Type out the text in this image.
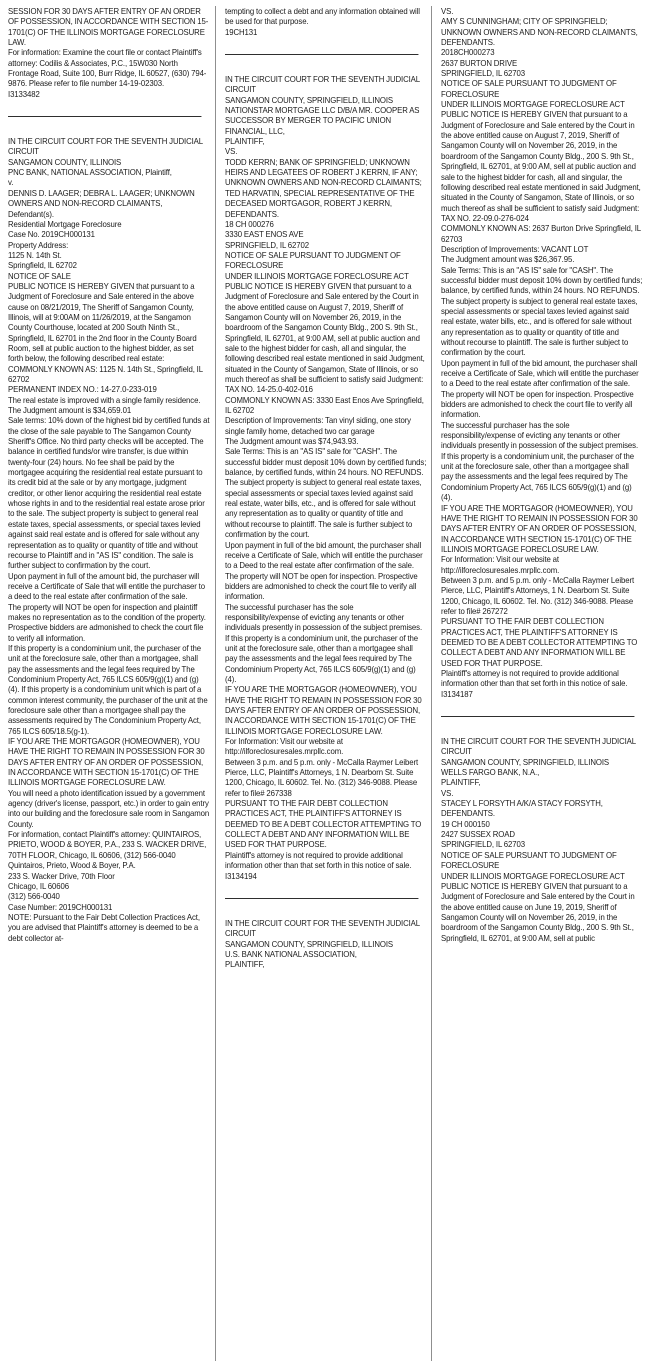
SESSION FOR 30 DAYS AFTER ENTRY OF AN ORDER OF POSSESSION, IN ACCORDANCE WITH SECTION 15-1701(C) OF THE ILLINOIS MORTGAGE FORECLOSURE LAW.
For information: Examine the court file or contact Plaintiff's attorney: Codilis & Associates, P.C., 15W030 North Frontage Road, Suite 100, Burr Ridge, IL 60527, (630) 794-9876. Please refer to file number 14-19-02303.
I3133482
IN THE CIRCUIT COURT FOR THE SEVENTH JUDICIAL CIRCUIT
SANGAMON COUNTY, ILLINOIS
PNC BANK, NATIONAL ASSOCIATION, Plaintiff,
v.
DENNIS D. LAAGER; DEBRA L. LAAGER; UNKNOWN OWNERS AND NON-RECORD CLAIMANTS, Defendant(s).
Residential Mortgage Foreclosure
Case No. 2019CH000131
Property Address:
1125 N. 14th St.
Springfield, IL 62702
NOTICE OF SALE
PUBLIC NOTICE IS HEREBY GIVEN that pursuant to a Judgment of Foreclosure and Sale entered in the above cause on 08/21/2019, The Sheriff of Sangamon County, Illinois, will at 9:00AM on 11/26/2019, at the Sangamon County Courthouse, located at 200 South Ninth St., Springfield, IL 62701 in the 2nd floor in the County Board Room, sell at public auction to the highest bidder, as set forth below, the following described real estate:
COMMONLY KNOWN AS: 1125 N. 14th St., Springfield, IL 62702
PERMANENT INDEX NO.: 14-27.0-233-019
The real estate is improved with a single family residence.
The Judgment amount is $34,659.01
Sale terms: 10% down of the highest bid by certified funds at the close of the sale payable to The Sangamon County Sheriff's Office. No third party checks will be accepted. The balance in certified funds/or wire transfer, is due within twenty-four (24) hours. No fee shall be paid by the mortgagee acquiring the residential real estate pursuant to its credit bid at the sale or by any mortgage, judgment creditor, or other lienor acquiring the residential real estate whose rights in and to the residential real estate arose prior to the sale. The subject property is subject to general real estate taxes, special assessments, or special taxes levied against said real estate and is offered for sale without any representation as to quality or quantity of title and without recourse to Plaintiff and in "AS IS" condition. The sale is further subject to confirmation by the court.
Upon payment in full of the amount bid, the purchaser will receive a Certificate of Sale that will entitle the purchaser to a deed to the real estate after confirmation of the sale.
The property will NOT be open for inspection and plaintiff makes no representation as to the condition of the property. Prospective bidders are admonished to check the court file to verify all information.
If this property is a condominium unit, the purchaser of the unit at the foreclosure sale, other than a mortgagee, shall pay the assessments and the legal fees required by The Condominium Property Act, 765 ILCS 605/9(g)(1) and (g)(4). If this property is a condominium unit which is part of a common interest community, the purchaser of the unit at the foreclosure sale other than a mortgagee shall pay the assessments required by The Condominium Property Act, 765 ILCS 605/18.5(g-1).
IF YOU ARE THE MORTGAGOR (HOMEOWNER), YOU HAVE THE RIGHT TO REMAIN IN POSSESSION FOR 30 DAYS AFTER ENTRY OF AN ORDER OF POSSESSION, IN ACCORDANCE WITH SECTION 15-1701(C) OF THE ILLINOIS MORTGAGE FORECLOSURE LAW.
You will need a photo identification issued by a government agency (driver's license, passport, etc.) in order to gain entry into our building and the foreclosure sale room in Sangamon County.
For information, contact Plaintiff's attorney: QUINTAIROS, PRIETO, WOOD & BOYER, P.A., 233 S. WACKER DRIVE, 70TH FLOOR, Chicago, IL 60606, (312) 566-0040
Quintairos, Prieto, Wood & Boyer, P.A.
233 S. Wacker Drive, 70th Floor
Chicago, IL 60606
(312) 566-0040
Case Number: 2019CH000131
NOTE: Pursuant to the Fair Debt Collection Practices Act, you are advised that Plaintiff's attorney is deemed to be a debt collector at-
tempting to collect a debt and any information obtained will be used for that purpose.
19CH131
IN THE CIRCUIT COURT FOR THE SEVENTH JUDICIAL CIRCUIT
SANGAMON COUNTY, SPRINGFIELD, ILLINOIS
NATIONSTAR MORTGAGE LLC D/B/A MR. COOPER AS SUCCESSOR BY MERGER TO PACIFIC UNION FINANCIAL, LLC,
PLAINTIFF,
VS.
TODD KERRN; BANK OF SPRINGFIELD; UNKNOWN HEIRS AND LEGATEES OF ROBERT J KERRN, IF ANY; UNKNOWN OWNERS AND NON-RECORD CLAIMANTS; TED HARVATIN, SPECIAL REPRESENTATIVE OF THE DECEASED MORTGAGOR, ROBERT J KERRN,
DEFENDANTS.
18 CH 000276
3330 EAST ENOS AVE
SPRINGFIELD, IL 62702
NOTICE OF SALE PURSUANT TO JUDGMENT OF FORECLOSURE
UNDER ILLINOIS MORTGAGE FORECLOSURE ACT
PUBLIC NOTICE IS HEREBY GIVEN that pursuant to a Judgment of Foreclosure and Sale entered by the Court in the above entitled cause on August 7, 2019, Sheriff of Sangamon County will on November 26, 2019, in the boardroom of the Sangamon County Bldg., 200 S. 9th St., Springfield, IL 62701, at 9:00 AM, sell at public auction and sale to the highest bidder for cash, all and singular, the following described real estate mentioned in said Judgment, situated in the County of Sangamon, State of Illinois, or so much thereof as shall be sufficient to satisfy said Judgment:
TAX NO. 14-25.0-402-016
COMMONLY KNOWN AS: 3330 East Enos Ave Springfield, IL 62702
Description of Improvements: Tan vinyl siding, one story single family home, detached two car garage
The Judgment amount was $74,943.93.
Sale Terms: This is an "AS IS" sale for "CASH". The successful bidder must deposit 10% down by certified funds; balance, by certified funds, within 24 hours. NO REFUNDS.
The subject property is subject to general real estate taxes, special assessments or special taxes levied against said real estate, water bills, etc., and is offered for sale without any representation as to quality or quantity of title and without recourse to plaintiff. The sale is further subject to confirmation by the court.
Upon payment in full of the bid amount, the purchaser shall receive a Certificate of Sale, which will entitle the purchaser to a Deed to the real estate after confirmation of the sale.
The property will NOT be open for inspection. Prospective bidders are admonished to check the court file to verify all information.
The successful purchaser has the sole responsibility/expense of evicting any tenants or other individuals presently in possession of the subject premises.
If this property is a condominium unit, the purchaser of the unit at the foreclosure sale, other than a mortgagee shall pay the assessments and the legal fees required by The Condominium Property Act, 765 ILCS 605/9(g)(1) and (g)(4).
IF YOU ARE THE MORTGAGOR (HOMEOWNER), YOU HAVE THE RIGHT TO REMAIN IN POSSESSION FOR 30 DAYS AFTER ENTRY OF AN ORDER OF POSSESSION, IN ACCORDANCE WITH SECTION 15-1701(C) OF THE ILLINOIS MORTGAGE FORECLOSURE LAW.
For Information: Visit our website at http://ilforeclosuresales.mrpllc.com.
Between 3 p.m. and 5 p.m. only - McCalla Raymer Leibert Pierce, LLC, Plaintiff's Attorneys, 1 N. Dearborn St. Suite 1200, Chicago, IL 60602. Tel. No. (312) 346-9088. Please refer to file# 267338
PURSUANT TO THE FAIR DEBT COLLECTION PRACTICES ACT, THE PLAINTIFF'S ATTORNEY IS DEEMED TO BE A DEBT COLLECTOR ATTEMPTING TO COLLECT A DEBT AND ANY INFORMATION WILL BE USED FOR THAT PURPOSE.
Plaintiff's attorney is not required to provide additional information other than that set forth in this notice of sale.
I3134194
IN THE CIRCUIT COURT FOR THE SEVENTH JUDICIAL CIRCUIT
SANGAMON COUNTY, SPRINGFIELD, ILLINOIS
U.S. BANK NATIONAL ASSOCIATION,
PLAINTIFF,
VS.
AMY S CUNNINGHAM; CITY OF SPRINGFIELD; UNKNOWN OWNERS AND NON-RECORD CLAIMANTS,
DEFENDANTS.
2018CH000273
2637 BURTON DRIVE
SPRINGFIELD, IL 62703
NOTICE OF SALE PURSUANT TO JUDGMENT OF FORECLOSURE
UNDER ILLINOIS MORTGAGE FORECLOSURE ACT
PUBLIC NOTICE IS HEREBY GIVEN that pursuant to a Judgment of Foreclosure and Sale entered by the Court in the above entitled cause on August 7, 2019, Sheriff of Sangamon County will on November 26, 2019, in the boardroom of the Sangamon County Bldg., 200 S. 9th St., Springfield, IL 62701, at 9:00 AM, sell at public auction and sale to the highest bidder for cash, all and singular, the following described real estate mentioned in said Judgment, situated in the County of Sangamon, State of Illinois, or so much thereof as shall be sufficient to satisfy said Judgment:
TAX NO. 22-09.0-276-024
COMMONLY KNOWN AS: 2637 Burton Drive Springfield, IL 62703
Description of Improvements: VACANT LOT
The Judgment amount was $26,367.95.
Sale Terms: This is an "AS IS" sale for "CASH". The successful bidder must deposit 10% down by certified funds; balance, by certified funds, within 24 hours. NO REFUNDS.
The subject property is subject to general real estate taxes, special assessments or special taxes levied against said real estate, water bills, etc., and is offered for sale without any representation as to quality or quantity of title and without recourse to plaintiff. The sale is further subject to confirmation by the court.
Upon payment in full of the bid amount, the purchaser shall receive a Certificate of Sale, which will entitle the purchaser to a Deed to the real estate after confirmation of the sale.
The property will NOT be open for inspection. Prospective bidders are admonished to check the court file to verify all information.
The successful purchaser has the sole responsibility/expense of evicting any tenants or other individuals presently in possession of the subject premises.
If this property is a condominium unit, the purchaser of the unit at the foreclosure sale, other than a mortgagee shall pay the assessments and the legal fees required by The Condominium Property Act, 765 ILCS 605/9(g)(1) and (g)(4).
IF YOU ARE THE MORTGAGOR (HOMEOWNER), YOU HAVE THE RIGHT TO REMAIN IN POSSESSION FOR 30 DAYS AFTER ENTRY OF AN ORDER OF POSSESSION, IN ACCORDANCE WITH SECTION 15-1701(C) OF THE ILLINOIS MORTGAGE FORECLOSURE LAW.
For Information: Visit our website at http://ilforeclosuresales.mrpllc.com.
Between 3 p.m. and 5 p.m. only - McCalla Raymer Leibert Pierce, LLC, Plaintiff's Attorneys, 1 N. Dearborn St. Suite 1200, Chicago, IL 60602. Tel. No. (312) 346-9088. Please refer to file# 267272
PURSUANT TO THE FAIR DEBT COLLECTION PRACTICES ACT, THE PLAINTIFF'S ATTORNEY IS DEEMED TO BE A DEBT COLLECTOR ATTEMPTING TO COLLECT A DEBT AND ANY INFORMATION WILL BE USED FOR THAT PURPOSE.
Plaintiff's attorney is not required to provide additional information other than that set forth in this notice of sale.
I3134187
IN THE CIRCUIT COURT FOR THE SEVENTH JUDICIAL CIRCUIT
SANGAMON COUNTY, SPRINGFIELD, ILLINOIS
WELLS FARGO BANK, N.A.,
PLAINTIFF,
VS.
STACEY L FORSYTH A/K/A STACY FORSYTH,
DEFENDANTS.
19 CH 000150
2427 SUSSEX ROAD
SPRINGFIELD, IL 62703
NOTICE OF SALE PURSUANT TO JUDGMENT OF FORECLOSURE
UNDER ILLINOIS MORTGAGE FORECLOSURE ACT
PUBLIC NOTICE IS HEREBY GIVEN that pursuant to a Judgment of Foreclosure and Sale entered by the Court in the above entitled cause on June 19, 2019, Sheriff of Sangamon County will on November 26, 2019, in the boardroom of the Sangamon County Bldg., 200 S. 9th St., Springfield, IL 62701, at 9:00 AM, sell at public
